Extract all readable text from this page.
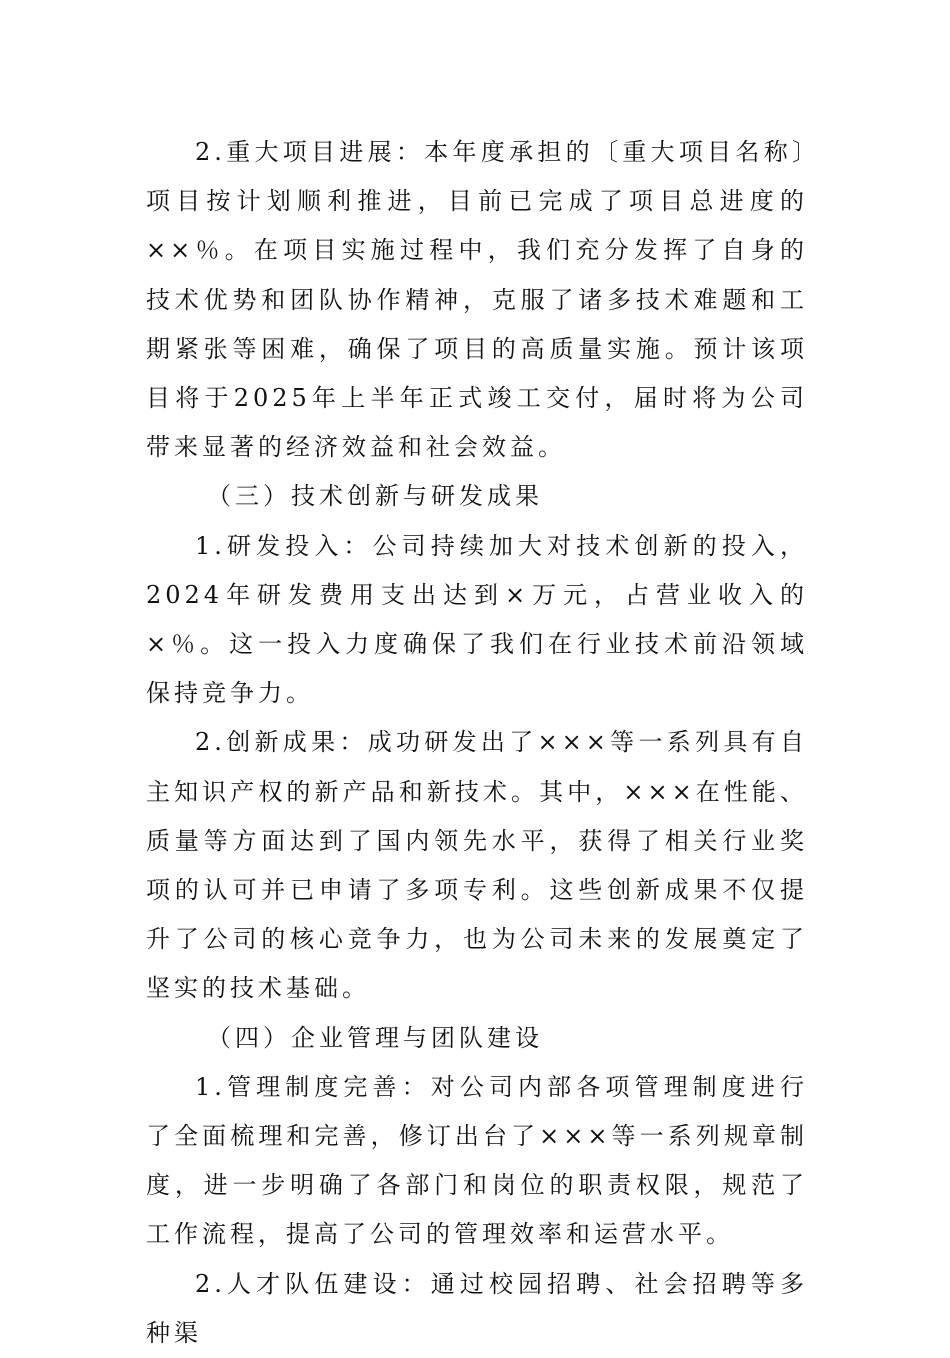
2.重大项目进展：本年度承担的〔重大项目名称〕项目按计划顺利推进，目前已完成了项目总进度的××％。在项目实施过程中，我们充分发挥了自身的技术优势和团队协作精神，克服了诸多技术难题和工期紧张等困难，确保了项目的高质量实施。预计该项目将于2025年上半年正式竣工交付，届时将为公司带来显著的经济效益和社会效益。

（三）技术创新与研发成果

1.研发投入：公司持续加大对技术创新的投入，2024年研发费用支出达到×万元，占营业收入的×％。这一投入力度确保了我们在行业技术前沿领域保持竞争力。

2.创新成果：成功研发出了×××等一系列具有自主知识产权的新产品和新技术。其中，×××在性能、质量等方面达到了国内领先水平，获得了相关行业奖项的认可并已申请了多项专利。这些创新成果不仅提升了公司的核心竞争力，也为公司未来的发展奠定了坚实的技术基础。

（四）企业管理与团队建设

1.管理制度完善：对公司内部各项管理制度进行了全面梳理和完善，修订出台了×××等一系列规章制度，进一步明确了各部门和岗位的职责权限，规范了工作流程，提高了公司的管理效率和运营水平。

2.人才队伍建设：通过校园招聘、社会招聘等多种渠
